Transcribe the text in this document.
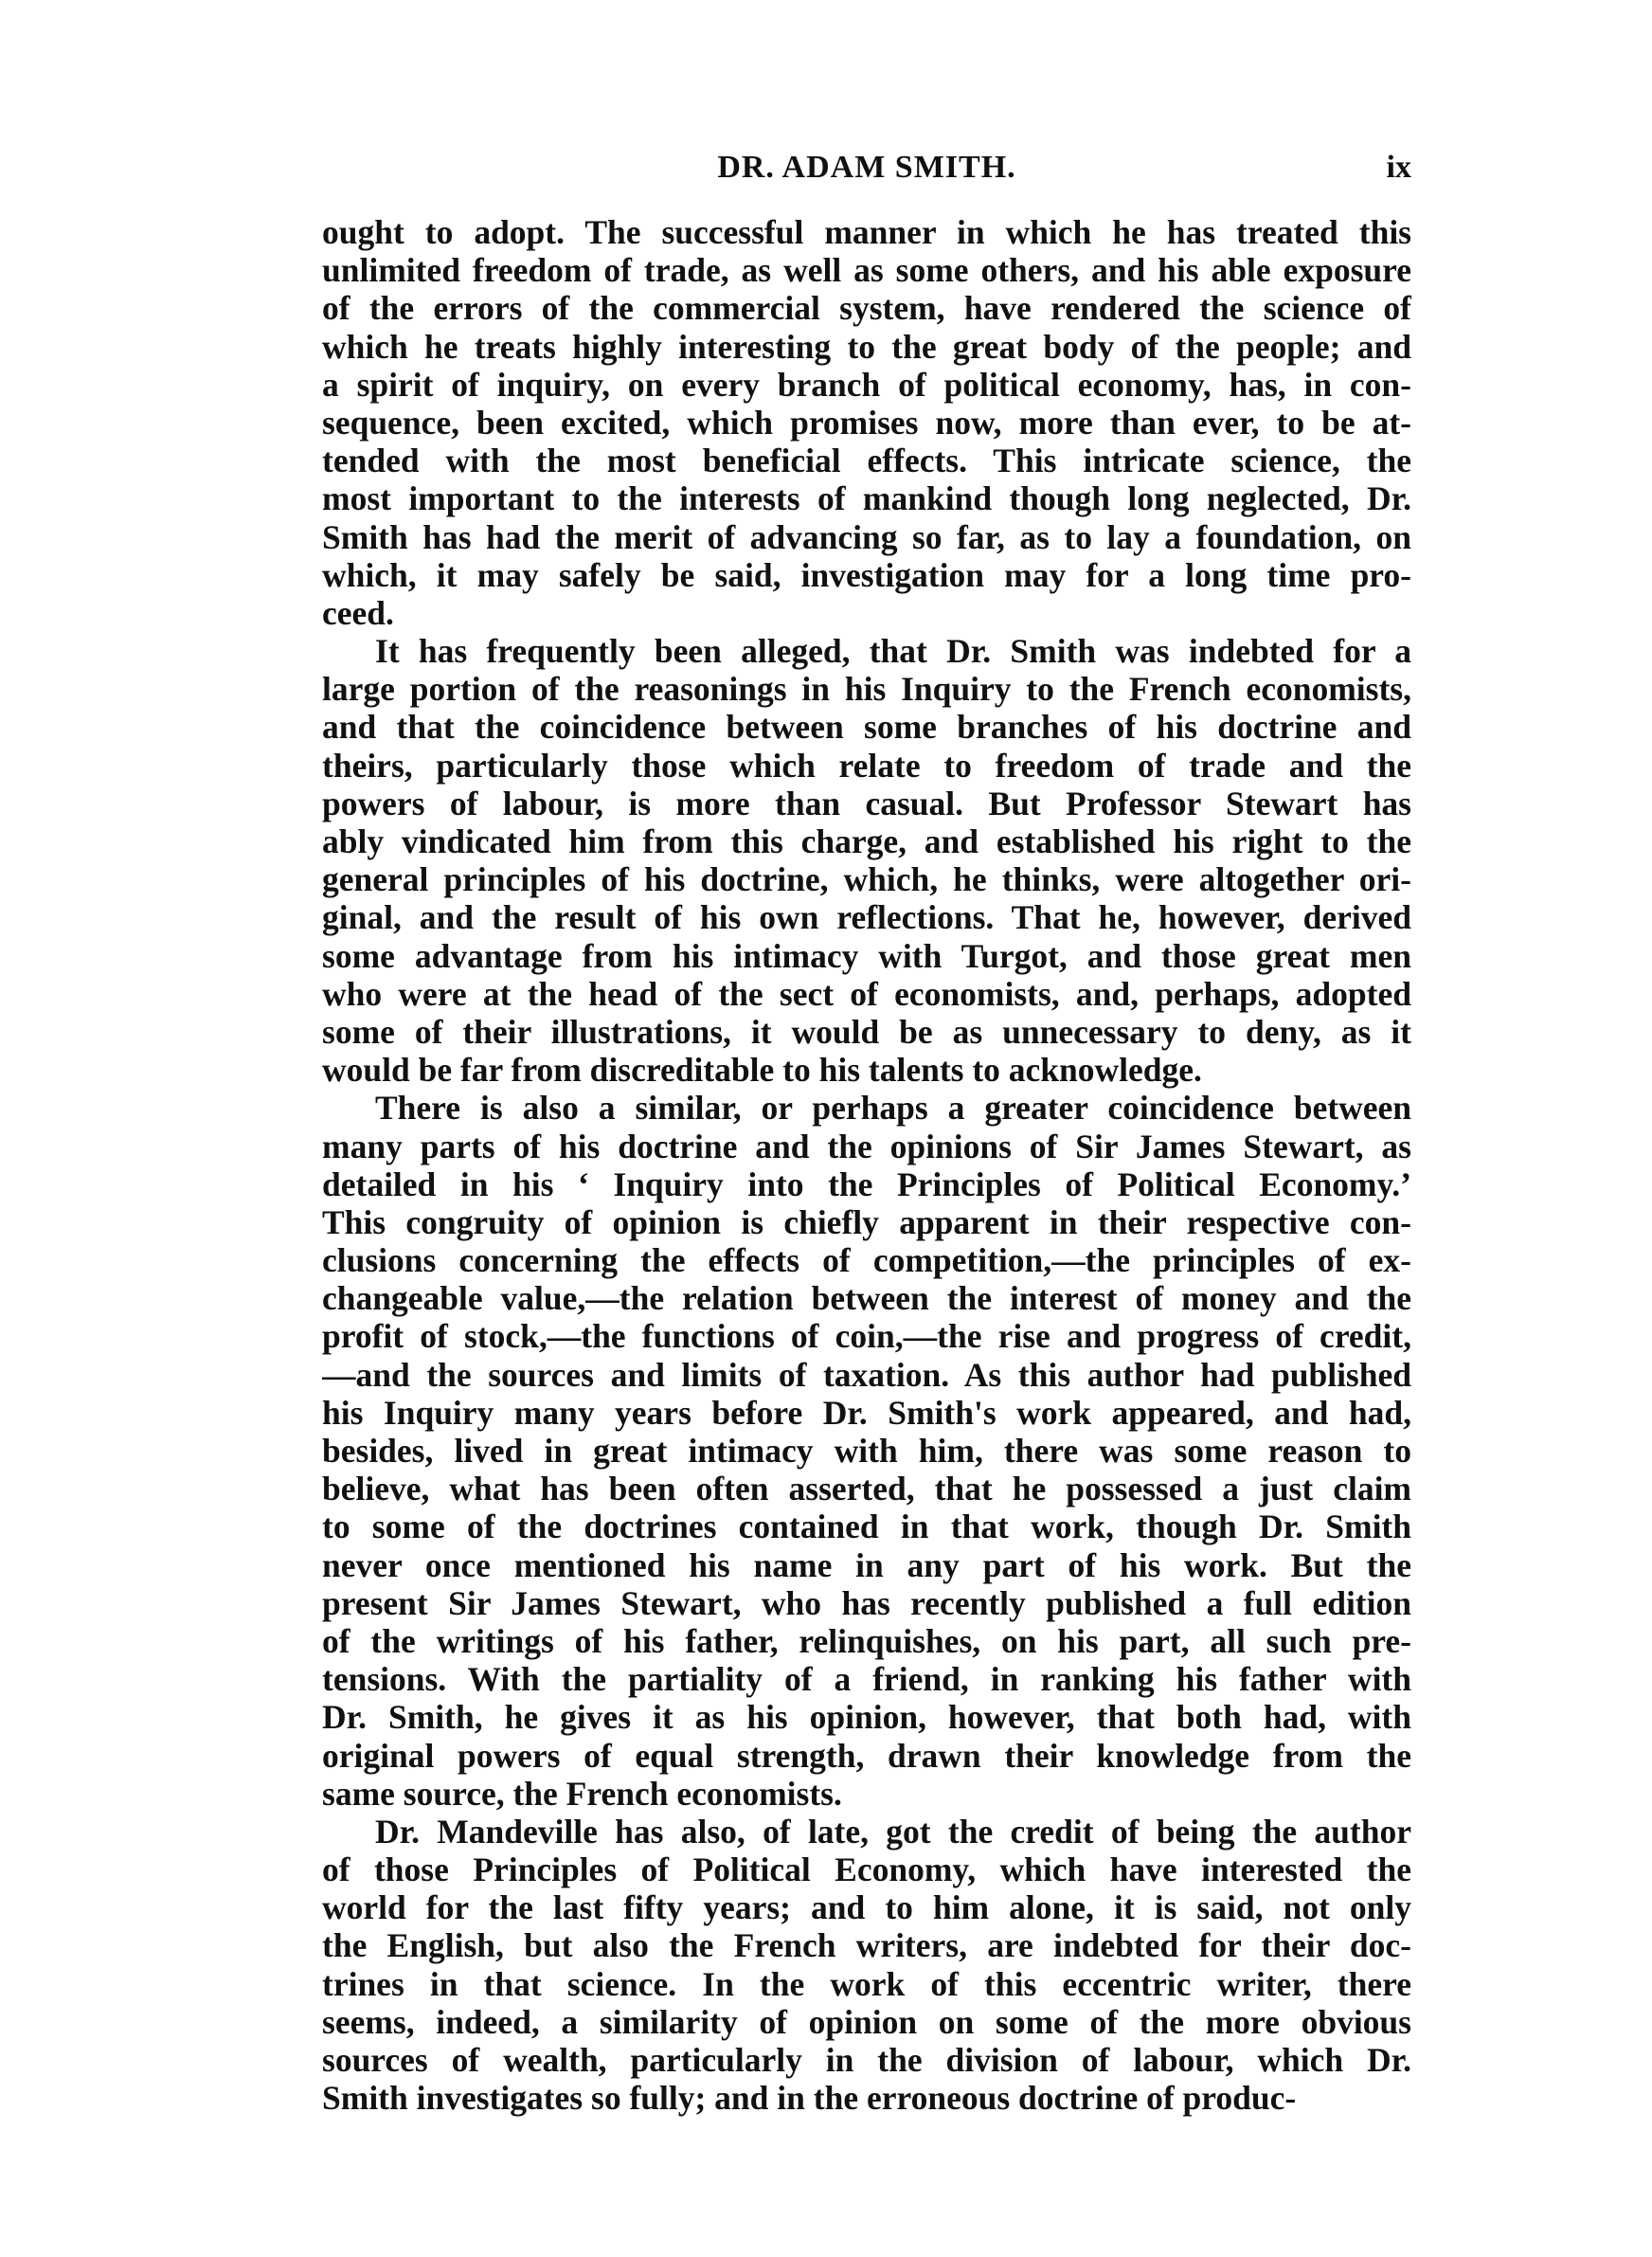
DR. ADAM SMITH.	ix

ought to adopt. The successful manner in which he has treated this
unlimited freedom of trade, as well as some others, and his able exposure
of the errors of the commercial system, have rendered the science of
which he treats highly interesting to the great body of the people; and
a spirit of inquiry, on every branch of political economy, has, in con-
sequence, been excited, which promises now, more than ever, to be at-
tended with the most beneficial effects. This intricate science, the
most important to the interests of mankind though long neglected, Dr.
Smith has had the merit of advancing so far, as to lay a foundation, on
which, it may safely be said, investigation may for a long time pro-
ceed.

It has frequently been alleged, that Dr. Smith was indebted for a
large portion of the reasonings in his Inquiry to the French economists,
and that the coincidence between some branches of his doctrine and
theirs, particularly those which relate to freedom of trade and the
powers of labour, is more than casual. But Professor Stewart has
ably vindicated him from this charge, and established his right to the
general principles of his doctrine, which, he thinks, were altogether ori-
ginal, and the result of his own reflections. That he, however, derived
some advantage from his intimacy with Turgot, and those great men
who were at the head of the sect of economists, and, perhaps, adopted
some of their illustrations, it would be as unnecessary to deny, as it
would be far from discreditable to his talents to acknowledge.

There is also a similar, or perhaps a greater coincidence between
many parts of his doctrine and the opinions of Sir James Stewart, as
detailed in his ‘ Inquiry into the Principles of Political Economy.’
This congruity of opinion is chiefly apparent in their respective con-
clusions concerning the effects of competition,—the principles of ex-
changeable value,—the relation between the interest of money and the
profit of stock,—the functions of coin,—the rise and progress of credit,
—and the sources and limits of taxation. As this author had published
his Inquiry many years before Dr. Smith's work appeared, and had,
besides, lived in great intimacy with him, there was some reason to
believe, what has been often asserted, that he possessed a just claim
to some of the doctrines contained in that work, though Dr. Smith
never once mentioned his name in any part of his work. But the
present Sir James Stewart, who has recently published a full edition
of the writings of his father, relinquishes, on his part, all such pre-
tensions. With the partiality of a friend, in ranking his father with
Dr. Smith, he gives it as his opinion, however, that both had, with
original powers of equal strength, drawn their knowledge from the
same source, the French economists.

Dr. Mandeville has also, of late, got the credit of being the author
of those Principles of Political Economy, which have interested the
world for the last fifty years; and to him alone, it is said, not only
the English, but also the French writers, are indebted for their doc-
trines in that science. In the work of this eccentric writer, there
seems, indeed, a similarity of opinion on some of the more obvious
sources of wealth, particularly in the division of labour, which Dr.
Smith investigates so fully; and in the erroneous doctrine of produc-
